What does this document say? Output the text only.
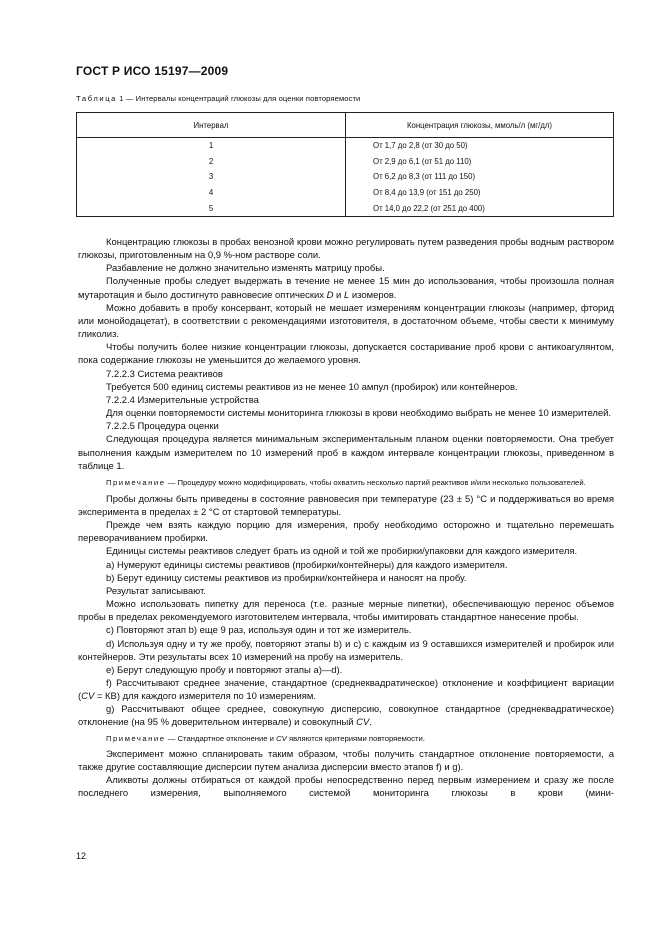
ГОСТ Р ИСО 15197—2009
Таблица 1 — Интервалы концентраций глюкозы для оценки повторяемости
Интервал	Концентрация глюкозы, ммоль/л (мг/дл)
1	От 1,7 до 2,8 (от 30 до 50)
2	От 2,9 до 6,1 (от 51 до 110)
3	От 6,2 до 8,3 (от 111 до 150)
4	От 8,4 до 13,9 (от 151 до 250)
5	От 14,0 до 22,2 (от 251 до 400)

Концентрацию глюкозы в пробах венозной крови можно регулировать путем разведения пробы водным раствором глюкозы, приготовленным на 0,9 %-ном растворе соли.

Разбавление не должно значительно изменять матрицу пробы.

Полученные пробы следует выдержать в течение не менее 15 мин до использования, чтобы произошла полная мутаротация и было достигнуто равновесие оптических D и L изомеров.

Можно добавить в пробу консервант, который не мешает измерениям концентрации глюкозы (например, фторид или монойодацетат), в соответствии с рекомендациями изготовителя, в достаточном объеме, чтобы свести к минимуму гликолиз.

Чтобы получить более низкие концентрации глюкозы, допускается состаривание проб крови с антикоагулянтом, пока содержание глюкозы не уменьшится до желаемого уровня.

7.2.2.3 Система реактивов

Требуется 500 единиц системы реактивов из не менее 10 ампул (пробирок) или контейнеров.

7.2.2.4 Измерительные устройства

Для оценки повторяемости системы мониторинга глюкозы в крови необходимо выбрать не менее 10 измерителей.

7.2.2.5 Процедура оценки

Следующая процедура является минимальным экспериментальным планом оценки повторяемости. Она требует выполнения каждым измерителем по 10 измерений проб в каждом интервале концентрации глюкозы, приведенном в таблице 1.

Примечание — Процедуру можно модифицировать, чтобы охватить несколько партий реактивов и/или несколько пользователей.

Пробы должны быть приведены в состояние равновесия при температуре (23 ± 5) °С и поддерживаться во время эксперимента в пределах ± 2 °С от стартовой температуры.

Прежде чем взять каждую порцию для измерения, пробу необходимо осторожно и тщательно перемешать переворачиванием пробирки.

Единицы системы реактивов следует брать из одной и той же пробирки/упаковки для каждого измерителя.

a) Нумеруют единицы системы реактивов (пробирки/контейнеры) для каждого измерителя.

b) Берут единицу системы реактивов из пробирки/контейнера и наносят на пробу.

Результат записывают.

Можно использовать пипетку для переноса (т.е. разные мерные пипетки), обеспечивающую перенос объемов пробы в пределах рекомендуемого изготовителем интервала, чтобы имитировать стандартное нанесение пробы.

c) Повторяют этап b) еще 9 раз, используя один и тот же измеритель.

d) Используя одну и ту же пробу, повторяют этапы b) и c) с каждым из 9 оставшихся измерителей и пробирок или контейнеров. Эти результаты всех 10 измерений на пробу на измеритель.

e) Берут следующую пробу и повторяют этапы a)—d).

f) Рассчитывают среднее значение, стандартное (среднеквадратическое) отклонение и коэффициент вариации (CV = КВ) для каждого измерителя по 10 измерениям.

g) Рассчитывают общее среднее, совокупную дисперсию, совокупное стандартное (среднеквадратическое) отклонение (на 95 % доверительном интервале) и совокупный CV.

Примечание — Стандартное отклонение и CV являются критериями повторяемости.

Эксперимент можно спланировать таким образом, чтобы получить стандартное отклонение повторяемости, а также другие составляющие дисперсии путем анализа дисперсии вместо этапов f) и g).

Аликвоты должны отбираться от каждой пробы непосредственно перед первым измерением и сразу же после последнего измерения, выполняемого системой мониторинга глюкозы в крови (мини-

12
